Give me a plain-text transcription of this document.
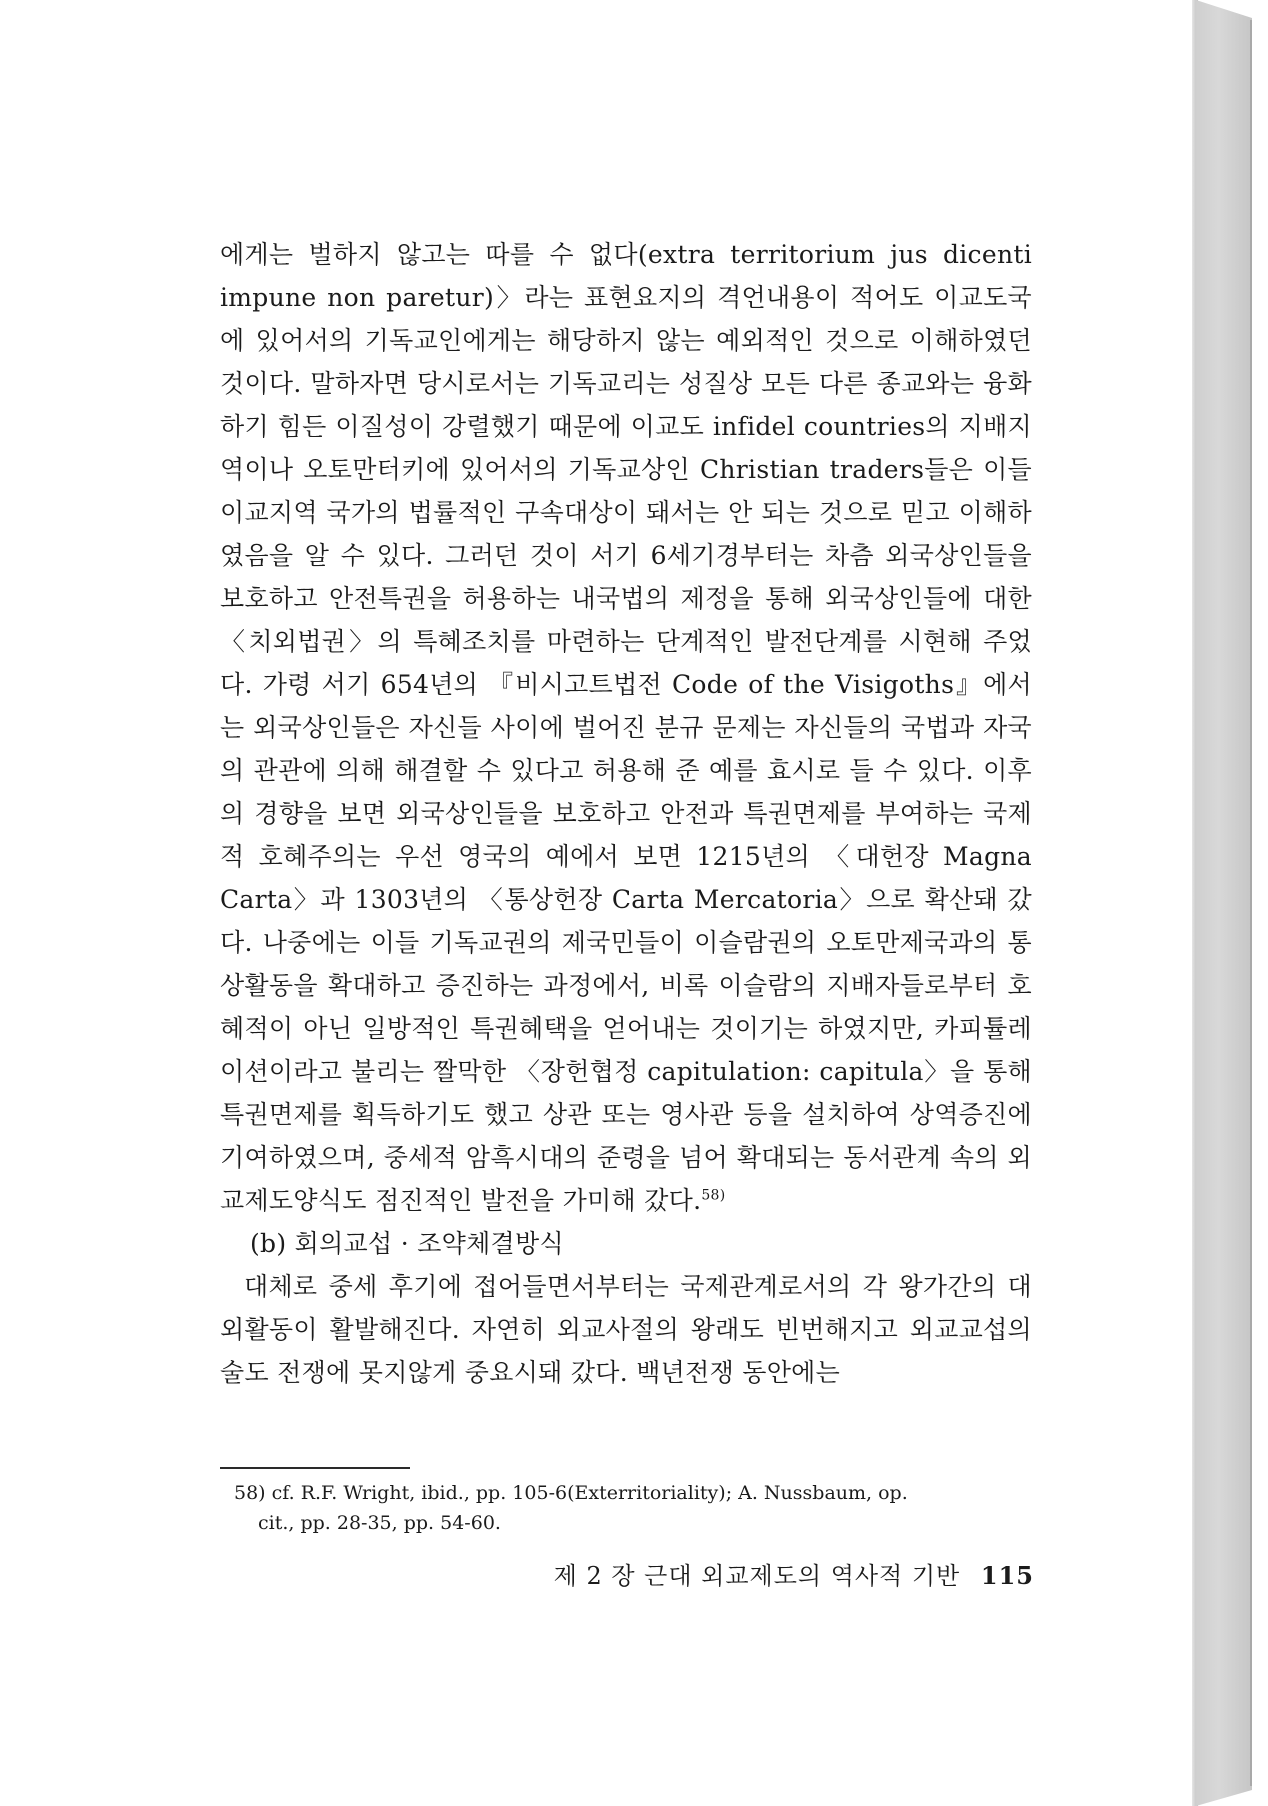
에게는 벌하지 않고는 따를 수 없다(extra territorium jus dicenti impune non paretur)〉라는 표현요지의 격언내용이 적어도 이교도국에 있어서의 기독교인에게는 해당하지 않는 예외적인 것으로 이해하였던 것이다. 말하자면 당시로서는 기독교리는 성질상 모든 다른 종교와는 융화하기 힘든 이질성이 강렬했기 때문에 이교도 infidel countries의 지배지역이나 오토만터키에 있어서의 기독교상인 Christian traders들은 이들 이교지역 국가의 법률적인 구속대상이 돼서는 안 되는 것으로 믿고 이해하였음을 알 수 있다. 그러던 것이 서기 6세기경부터는 차츰 외국상인들을 보호하고 안전특권을 허용하는 내국법의 제정을 통해 외국상인들에 대한 〈치외법권〉의 특혜조치를 마련하는 단계적인 발전단계를 시현해 주었다. 가령 서기 654년의 『비시고트법전 Code of the Visigoths』에서는 외국상인들은 자신들 사이에 벌어진 분규 문제는 자신들의 국법과 자국의 관관에 의해 해결할 수 있다고 허용해 준 예를 효시로 들 수 있다. 이후의 경향을 보면 외국상인들을 보호하고 안전과 특권면제를 부여하는 국제적 호혜주의는 우선 영국의 예에서 보면 1215년의 〈대헌장 Magna Carta〉과 1303년의 〈통상헌장 Carta Mercatoria〉으로 확산돼 갔다. 나중에는 이들 기독교권의 제국민들이 이슬람권의 오토만제국과의 통상활동을 확대하고 증진하는 과정에서, 비록 이슬람의 지배자들로부터 호혜적이 아닌 일방적인 특권혜택을 얻어내는 것이기는 하였지만, 카피튤레이션이라고 불리는 짤막한 〈장헌협정 capitulation: capitula〉을 통해 특권면제를 획득하기도 했고 상관 또는 영사관 등을 설치하여 상역증진에 기여하였으며, 중세적 암흑시대의 준령을 넘어 확대되는 동서관계 속의 외교제도양식도 점진적인 발전을 가미해 갔다.$^{58)}$

(b) 회의교섭 · 조약체결방식

대체로 중세 후기에 접어들면서부터는 국제관계로서의 각 왕가간의 대외활동이 활발해진다. 자연히 외교사절의 왕래도 빈번해지고 외교교섭의 술도 전쟁에 못지않게 중요시돼 갔다. 백년전쟁 동안에는

58) cf. R.F. Wright, ibid., pp. 105-6(Exterritoriality); A. Nussbaum, op.
cit., pp. 28-35, pp. 54-60.
제 2 장 근대 외교제도의 역사적 기반 115
